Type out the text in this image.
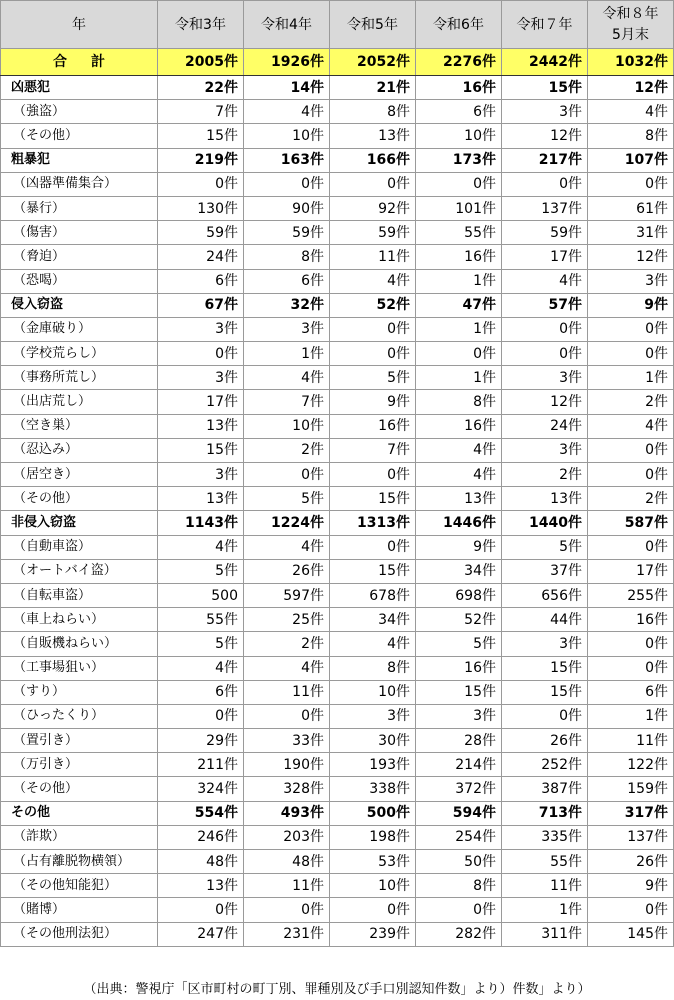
年	令和3年	令和4年	令和5年	令和6年	令和７年	令和８年
5月末

合計	2005件	1926件	2052件	2276件	2442件	1032件
凶悪犯	22件	14件	21件	16件	15件	12件
（強盗）	7件	4件	8件	6件	3件	4件
（その他）	15件	10件	13件	10件	12件	8件
粗暴犯	219件	163件	166件	173件	217件	107件
（凶器準備集合）	0件	0件	0件	0件	0件	0件
（暴行）	130件	90件	92件	101件	137件	61件
（傷害）	59件	59件	59件	55件	59件	31件
（脅迫）	24件	8件	11件	16件	17件	12件
（恐喝）	6件	6件	4件	1件	4件	3件
侵入窃盗	67件	32件	52件	47件	57件	9件
（金庫破り）	3件	3件	0件	1件	0件	0件
（学校荒らし）	0件	1件	0件	0件	0件	0件
（事務所荒し）	3件	4件	5件	1件	3件	1件
（出店荒し）	17件	7件	9件	8件	12件	2件
（空き巣）	13件	10件	16件	16件	24件	4件
（忍込み）	15件	2件	7件	4件	3件	0件
（居空き）	3件	0件	0件	4件	2件	0件
（その他）	13件	5件	15件	13件	13件	2件
非侵入窃盗	1143件	1224件	1313件	1446件	1440件	587件
（自動車盗）	4件	4件	0件	9件	5件	0件
（オートバイ盗）	5件	26件	15件	34件	37件	17件
（自転車盗）	500	597件	678件	698件	656件	255件
（車上ねらい）	55件	25件	34件	52件	44件	16件
（自販機ねらい）	5件	2件	4件	5件	3件	0件
（工事場狙い）	4件	4件	8件	16件	15件	0件
（すり）	6件	11件	10件	15件	15件	6件
（ひったくり）	0件	0件	3件	3件	0件	1件
（置引き）	29件	33件	30件	28件	26件	11件
（万引き）	211件	190件	193件	214件	252件	122件
（その他）	324件	328件	338件	372件	387件	159件
その他	554件	493件	500件	594件	713件	317件
（詐欺）	246件	203件	198件	254件	335件	137件
（占有離脱物横領）	48件	48件	53件	50件	55件	26件
（その他知能犯）	13件	11件	10件	8件	11件	9件
（賭博）	0件	0件	0件	0件	1件	0件
（その他刑法犯）	247件	231件	239件	282件	311件	145件
（出典：警視庁「区市町村の町丁別、罪種別及び手口別認知件数」より）件数」より）
